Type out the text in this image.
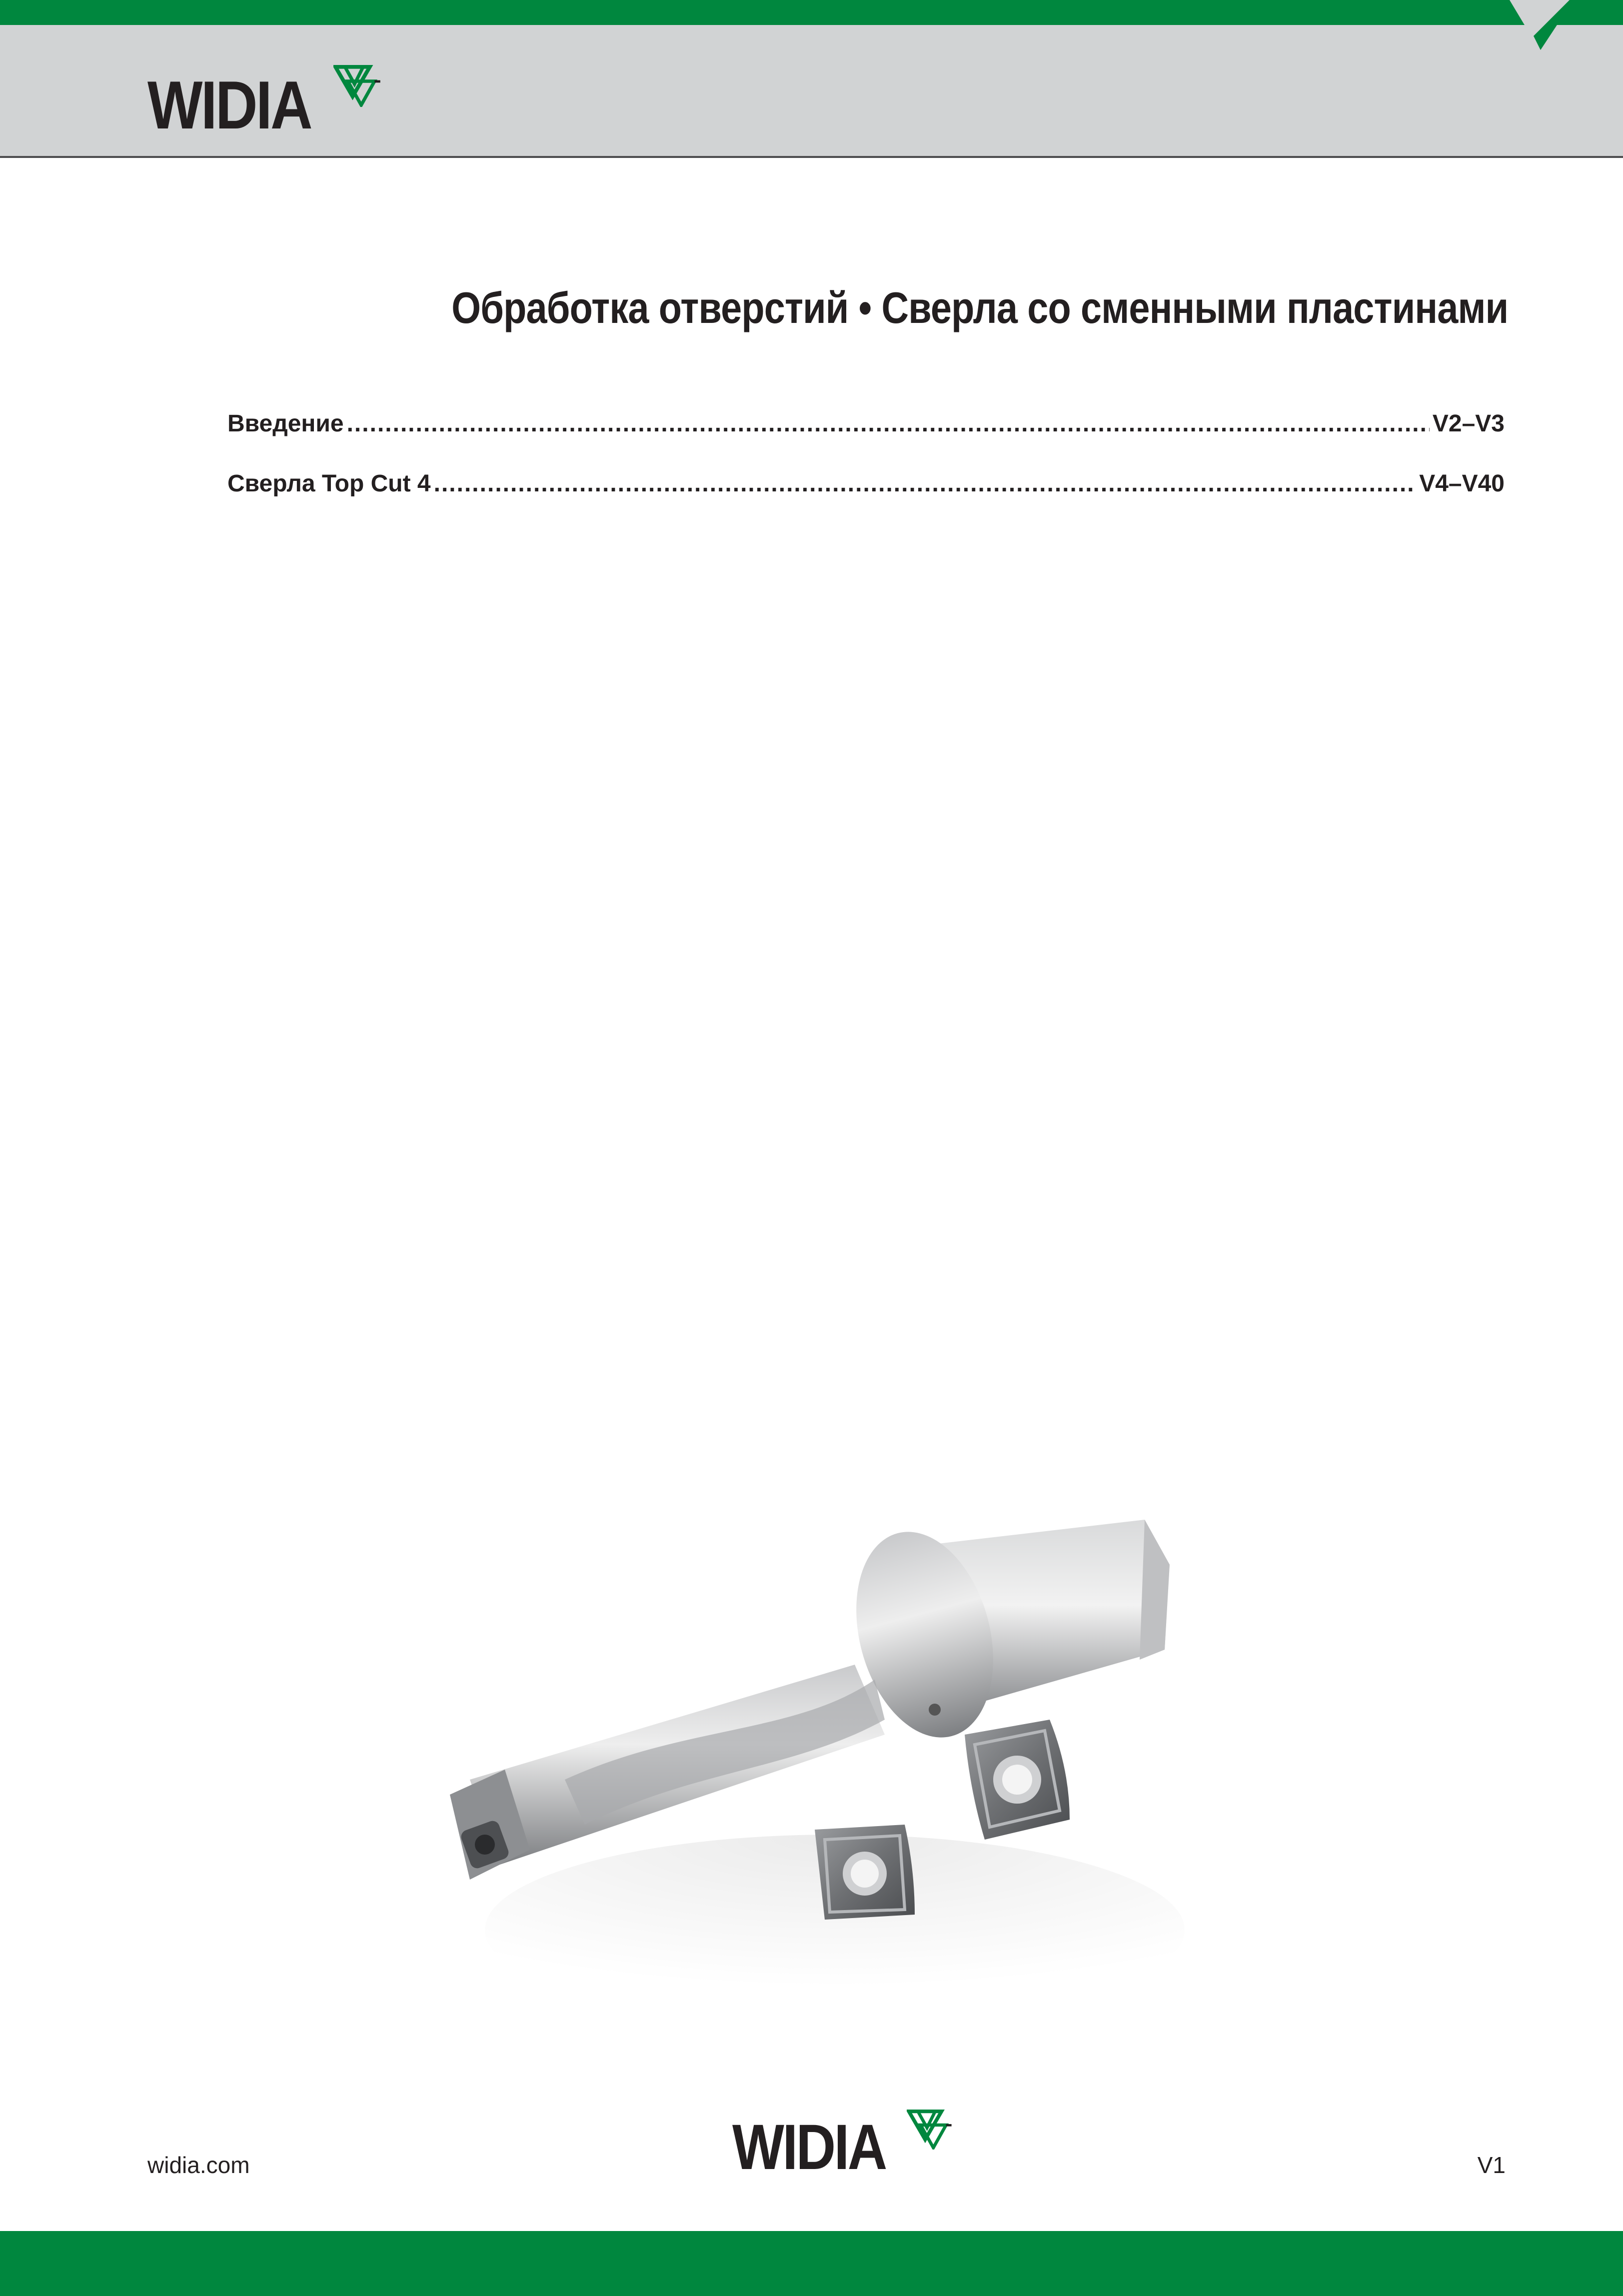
WIDIA
Обработка отверстий • Сверла со сменными пластинами
Введение .....	V2–V3
Сверла Top Cut 4 .....	V4–V40
widia.com	WIDIA	V1
